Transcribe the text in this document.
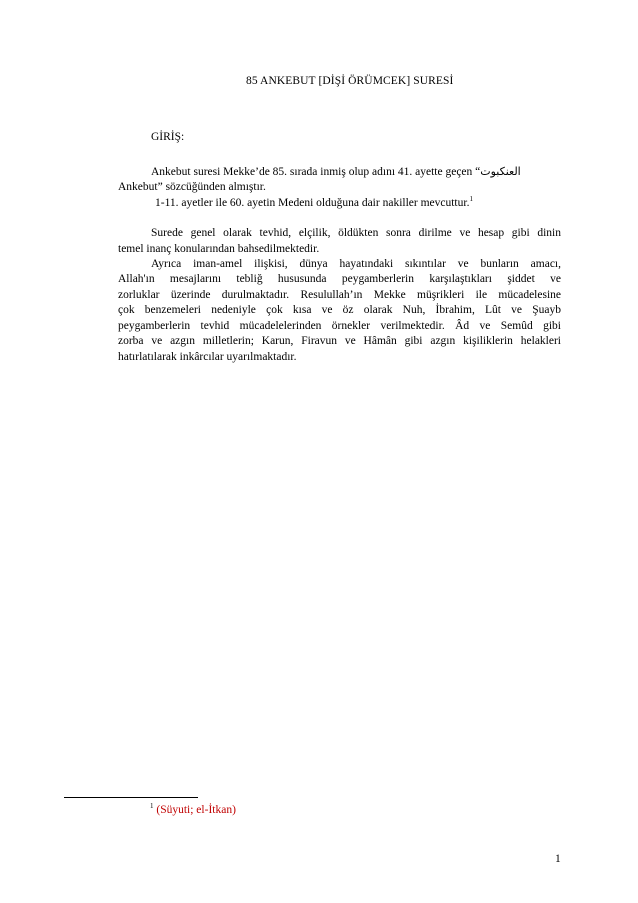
85 ANKEBUT [DİŞİ ÖRÜMCEK] SURESİ
GİRİŞ:
Ankebut suresi Mekke’de 85. sırada inmiş olup adını 41. ayette geçen “العنكبوت
Ankebut” sözcüğünden almıştır.
1-11. ayetler ile 60. ayetin Medeni olduğuna dair nakiller mevcuttur.$^1$
Surede genel olarak tevhid, elçilik, öldükten sonra dirilme ve hesap gibi dinin
temel inanç konularından bahsedilmektedir.
Ayrıca iman-amel ilişkisi, dünya hayatındaki sıkıntılar ve bunların amacı,
Allah'ın mesajlarını tebliğ hususunda peygamberlerin karşılaştıkları şiddet ve
zorluklar üzerinde durulmaktadır. Resulullah’ın Mekke müşrikleri ile mücadelesine
çok benzemeleri nedeniyle çok kısa ve öz olarak Nuh, İbrahim, Lût ve Şuayb
peygamberlerin tevhid mücadelelerinden örnekler verilmektedir. Âd ve Semûd gibi
zorba ve azgın milletlerin; Karun, Firavun ve Hâmân gibi azgın kişiliklerin helakleri
hatırlatılarak inkârcılar uyarılmaktadır.
$^1$ (Süyuti; el-İtkan)
1
